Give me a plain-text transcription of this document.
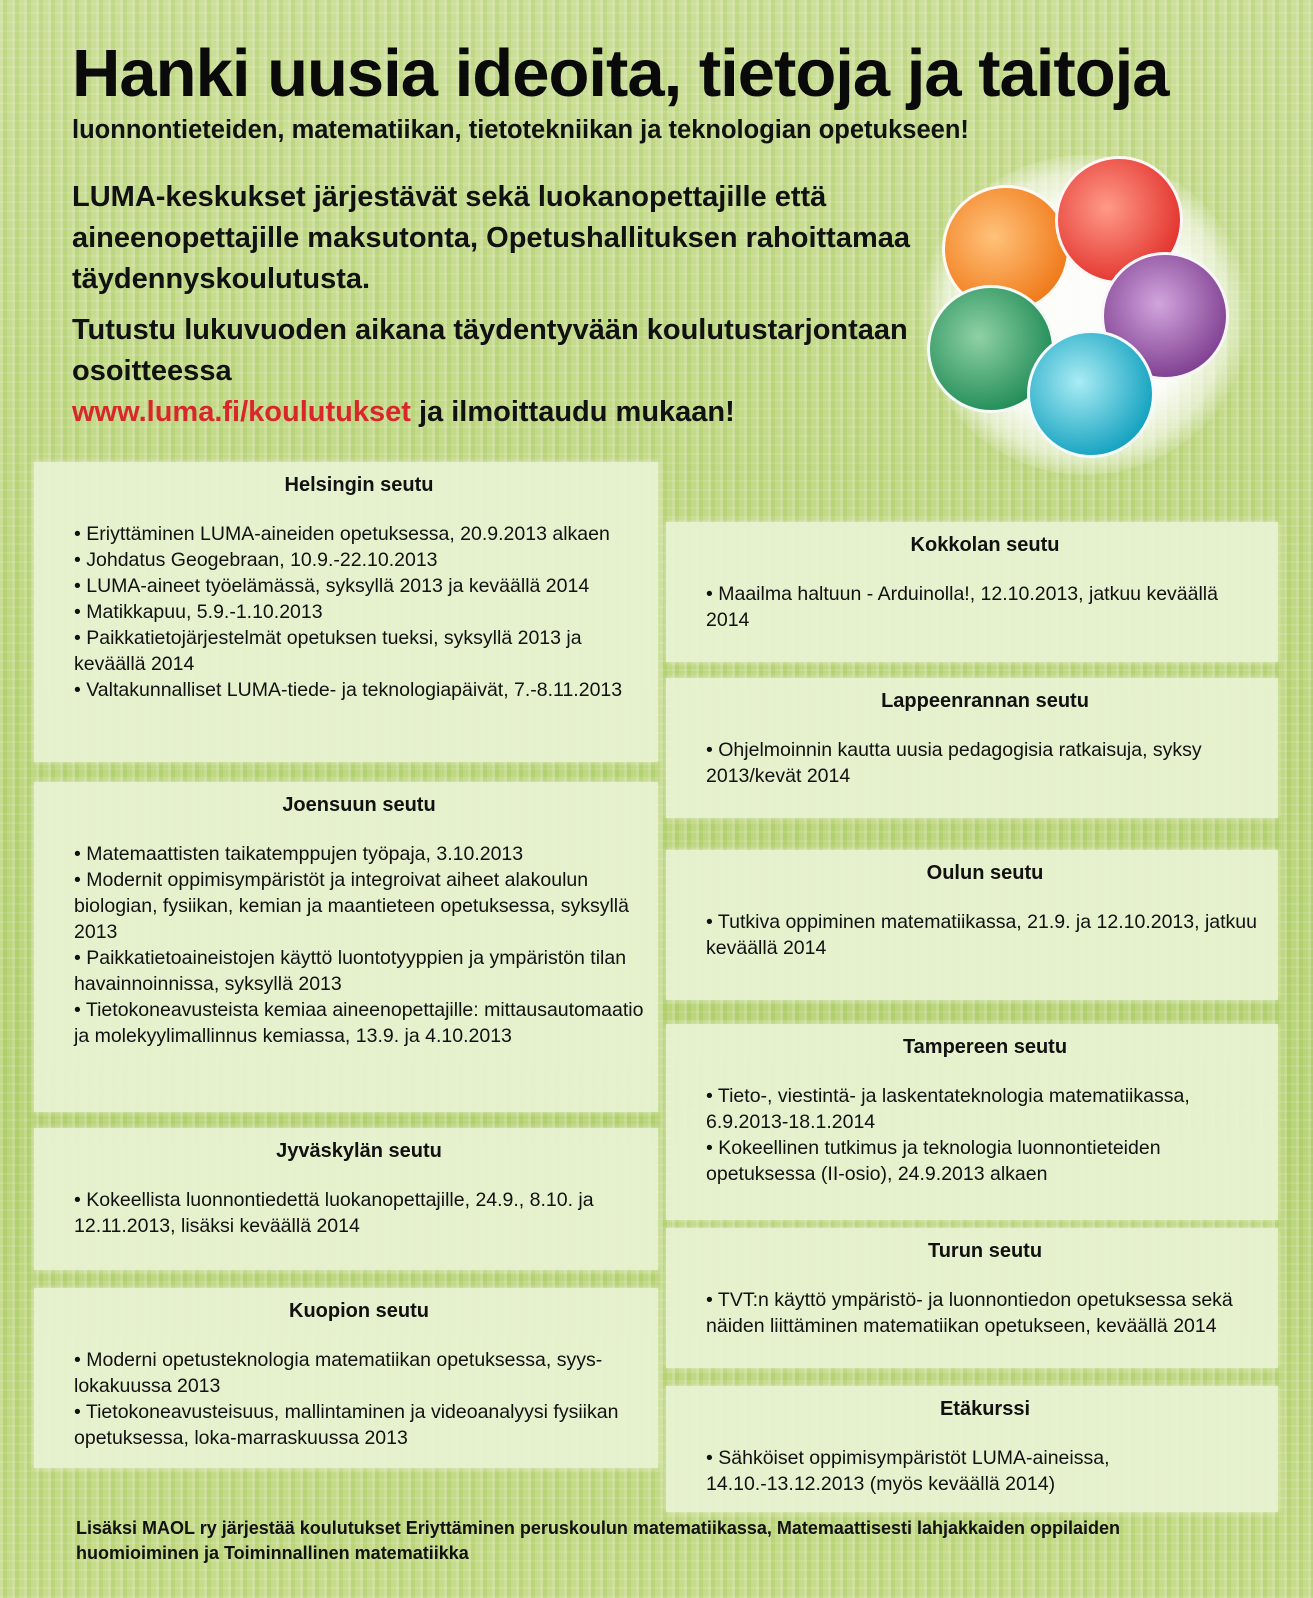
Hanki uusia ideoita, tietoja ja taitoja

luonnontieteiden, matematiikan, tietotekniikan ja teknologian opetukseen!

LUMA-keskukset järjestävät sekä luokanopettajille että aineenopettajille maksutonta, Opetushallituksen rahoittamaa täydennyskoulutusta.

Tutustu lukuvuoden aikana täydentyvään koulutustarjontaan osoitteessa
www.luma.fi/koulutukset ja ilmoittaudu mukaan!

Helsingin seutu
• Eriyttäminen LUMA-aineiden opetuksessa, 20.9.2013 alkaen
• Johdatus Geogebraan, 10.9.-22.10.2013
• LUMA-aineet työelämässä, syksyllä 2013 ja keväällä 2014
• Matikkapuu, 5.9.-1.10.2013
• Paikkatietojärjestelmät opetuksen tueksi, syksyllä 2013 ja keväällä 2014
• Valtakunnalliset LUMA-tiede- ja teknologiapäivät, 7.-8.11.2013
Joensuun seutu
• Matemaattisten taikatemppujen työpaja, 3.10.2013
• Modernit oppimisympäristöt ja integroivat aiheet alakoulun biologian, fysiikan, kemian ja maantieteen opetuksessa, syksyllä 2013
• Paikkatietoaineistojen käyttö luontotyyppien ja ympäristön tilan havainnoinnissa, syksyllä 2013
• Tietokoneavusteista kemiaa aineenopettajille: mittausautomaatio ja molekyylimallinnus kemiassa, 13.9. ja 4.10.2013
Jyväskylän seutu
• Kokeellista luonnontiedettä luokanopettajille, 24.9., 8.10. ja 12.11.2013, lisäksi keväällä 2014
Kuopion seutu
• Moderni opetusteknologia matematiikan opetuksessa, syys-lokakuussa 2013
• Tietokoneavusteisuus, mallintaminen ja videoanalyysi fysiikan opetuksessa, loka-marraskuussa 2013
Kokkolan seutu
• Maailma haltuun - Arduinolla!, 12.10.2013, jatkuu keväällä 2014
Lappeenrannan seutu
• Ohjelmoinnin kautta uusia pedagogisia ratkaisuja, syksy 2013/kevät 2014
Oulun seutu
• Tutkiva oppiminen matematiikassa, 21.9. ja 12.10.2013, jatkuu keväällä 2014
Tampereen seutu
• Tieto-, viestintä- ja laskentateknologia matematiikassa, 6.9.2013-18.1.2014
• Kokeellinen tutkimus ja teknologia luonnontieteiden opetuksessa (II-osio), 24.9.2013 alkaen
Turun seutu
• TVT:n käyttö ympäristö- ja luonnontiedon opetuksessa sekä näiden liittäminen matematiikan opetukseen, keväällä 2014
Etäkurssi
• Sähköiset oppimisympäristöt LUMA-aineissa, 14.10.-13.12.2013 (myös keväällä 2014)

Lisäksi MAOL ry järjestää koulutukset Eriyttäminen peruskoulun matematiikassa, Matemaattisesti lahjakkaiden oppilaiden huomioiminen ja Toiminnallinen matematiikka
